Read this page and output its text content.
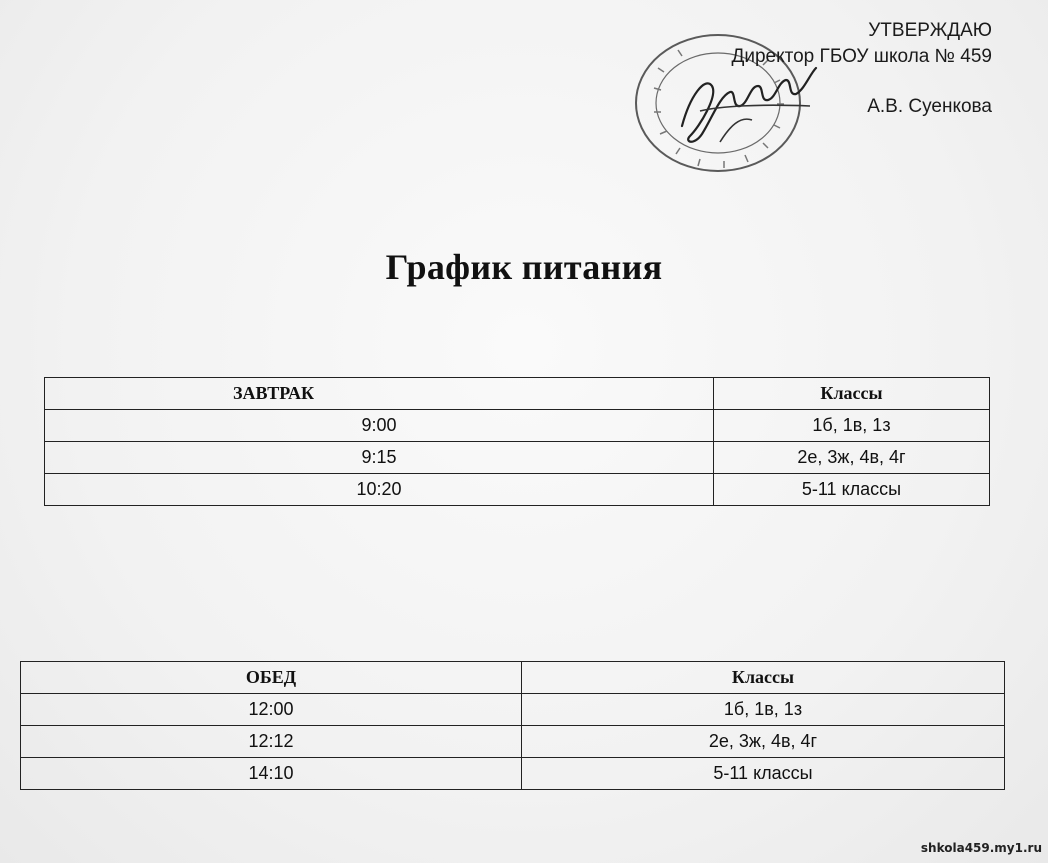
УТВЕРЖДАЮ
Директор ГБОУ школа № 459
А.В. Суенкова
График питания
ЗАВТРАК	Классы
9:00	1б, 1в, 1з
9:15	2е, 3ж, 4в, 4г
10:20	5-11 классы
ОБЕД	Классы
12:00	1б, 1в, 1з
12:12	2е, 3ж, 4в, 4г
14:10	5-11 классы
shkola459.my1.ru
